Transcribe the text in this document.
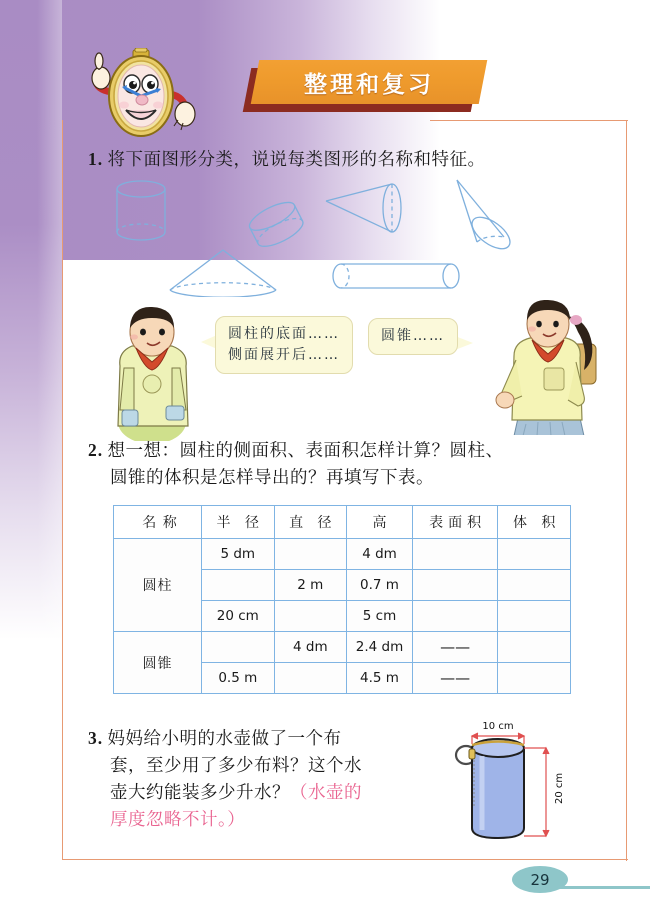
整理和复习
1. 将下面图形分类，说说每类图形的名称和特征。
圆柱的底面……
侧面展开后……
圆锥……
2. 想一想：圆柱的侧面积、表面积怎样计算？圆柱、
圆锥的体积是怎样导出的？再填写下表。
名 称	半 径	直 径	高	表面积	体 积
圆柱	5 dm		4 dm		
		2 m	0.7 m		
	20 cm		5 cm		
圆锥		4 dm	2.4 dm	——	
	0.5 m		4.5 m	——	
3. 妈妈给小明的水壶做了一个布
套，至少用了多少布料？这个水
壶大约能装多少升水？（水壶的
厚度忽略不计。）
10 cm
20 cm
29
